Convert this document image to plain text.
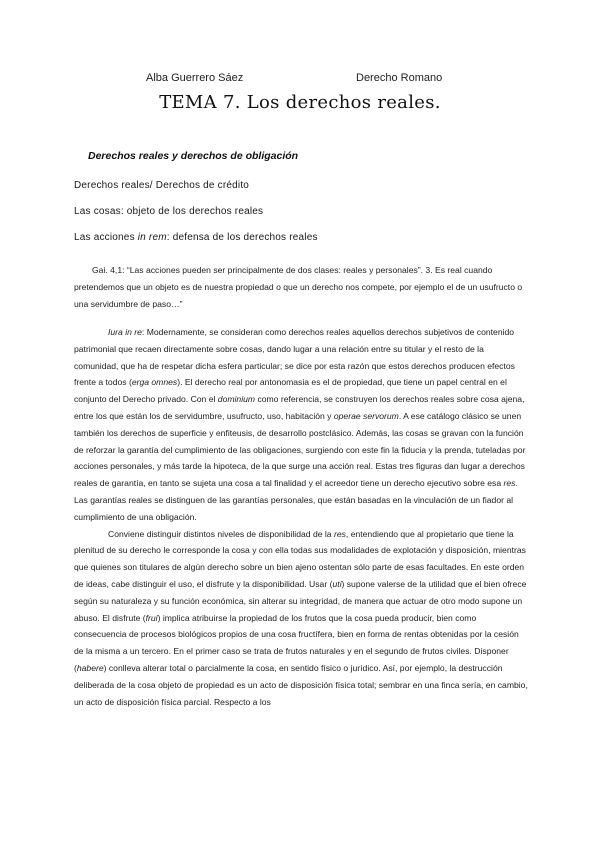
Alba Guerrero Sáez	Derecho Romano
TEMA 7. Los derechos reales.
Derechos reales y derechos de obligación
Derechos reales/ Derechos de crédito
Las cosas: objeto de los derechos reales
Las acciones in rem: defensa de los derechos reales

Gai. 4,1: “Las acciones pueden ser principalmente de dos clases: reales y personales”. 3. Es real cuando pretendemos que un objeto es de nuestra propiedad o que un derecho nos compete, por ejemplo el de un usufructo o una servidumbre de paso…”

Iura in re: Modernamente, se consideran como derechos reales aquellos derechos subjetivos de contenido patrimonial que recaen directamente sobre cosas, dando lugar a una relación entre su titular y el resto de la comunidad, que ha de respetar dicha esfera particular; se dice por esta razón que estos derechos producen efectos frente a todos (erga omnes). El derecho real por antonomasia es el de propiedad, que tiene un papel central en el conjunto del Derecho privado. Con el dominium como referencia, se construyen los derechos reales sobre cosa ajena, entre los que están los de servidumbre, usufructo, uso, habitación y operae servorum. A ese catálogo clásico se unen también los derechos de superficie y enfiteusis, de desarrollo postclásico. Además, las cosas se gravan con la función de reforzar la garantía del cumplimiento de las obligaciones, surgiendo con este fin la fiducia y la prenda, tuteladas por acciones personales, y más tarde la hipoteca, de la que surge una acción real. Estas tres figuras dan lugar a derechos reales de garantía, en tanto se sujeta una cosa a tal finalidad y el acreedor tiene un derecho ejecutivo sobre esa res. Las garantías reales se distinguen de las garantías personales, que están basadas en la vinculación de un fiador al cumplimiento de una obligación.

Conviene distinguir distintos niveles de disponibilidad de la res, entendiendo que al propietario que tiene la plenitud de su derecho le corresponde la cosa y con ella todas sus modalidades de explotación y disposición, mientras que quienes son titulares de algún derecho sobre un bien ajeno ostentan sólo parte de esas facultades. En este orden de ideas, cabe distinguir el uso, el disfrute y la disponibilidad. Usar (uti) supone valerse de la utilidad que el bien ofrece según su naturaleza y su función económica, sin alterar su integridad, de manera que actuar de otro modo supone un abuso. El disfrute (frui) implica atribuirse la propiedad de los frutos que la cosa pueda producir, bien como consecuencia de procesos biológicos propios de una cosa fructífera, bien en forma de rentas obtenidas por la cesión de la misma a un tercero. En el primer caso se trata de frutos naturales y en el segundo de frutos civiles. Disponer (habere) conlleva alterar total o parcialmente la cosa, en sentido físico o jurídico. Así, por ejemplo, la destrucción deliberada de la cosa objeto de propiedad es un acto de disposición física total; sembrar en una finca sería, en cambio, un acto de disposición física parcial. Respecto a los
